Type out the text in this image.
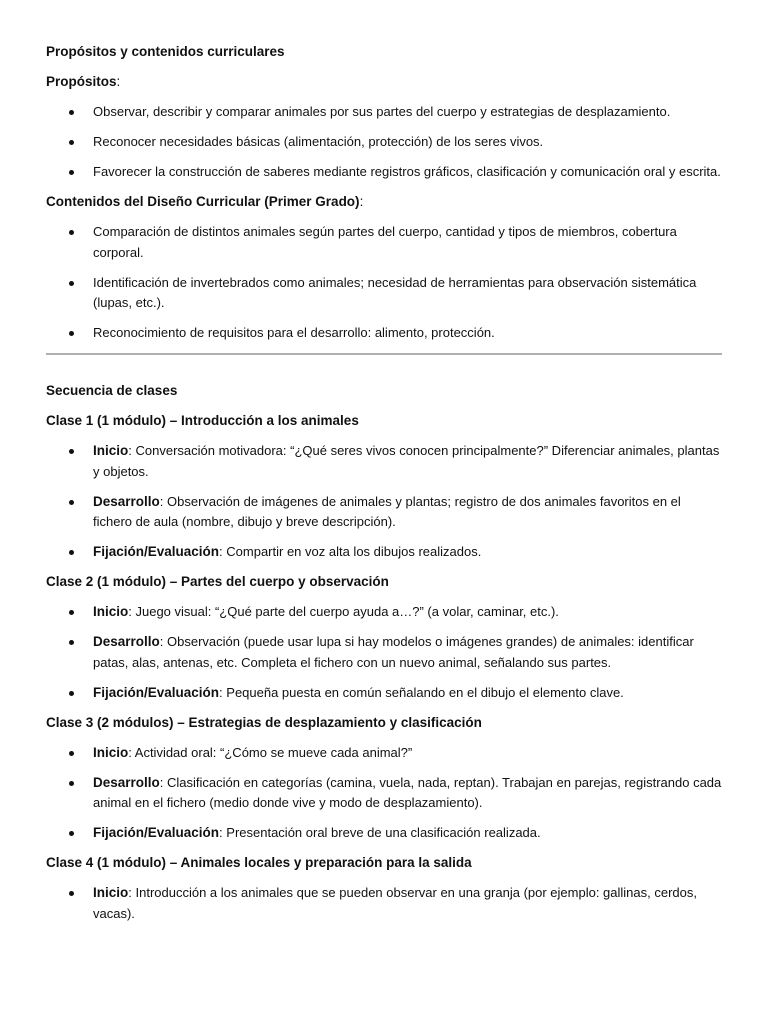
Propósitos y contenidos curriculares
Propósitos:
Observar, describir y comparar animales por sus partes del cuerpo y estrategias de desplazamiento.
Reconocer necesidades básicas (alimentación, protección) de los seres vivos.
Favorecer la construcción de saberes mediante registros gráficos, clasificación y comunicación oral y escrita.
Contenidos del Diseño Curricular (Primer Grado):
Comparación de distintos animales según partes del cuerpo, cantidad y tipos de miembros, cobertura corporal.
Identificación de invertebrados como animales; necesidad de herramientas para observación sistemática (lupas, etc.).
Reconocimiento de requisitos para el desarrollo: alimento, protección.
Secuencia de clases
Clase 1 (1 módulo) – Introducción a los animales
Inicio: Conversación motivadora: “¿Qué seres vivos conocen principalmente?” Diferenciar animales, plantas y objetos.
Desarrollo: Observación de imágenes de animales y plantas; registro de dos animales favoritos en el fichero de aula (nombre, dibujo y breve descripción).
Fijación/Evaluación: Compartir en voz alta los dibujos realizados.
Clase 2 (1 módulo) – Partes del cuerpo y observación
Inicio: Juego visual: “¿Qué parte del cuerpo ayuda a…?” (a volar, caminar, etc.).
Desarrollo: Observación (puede usar lupa si hay modelos o imágenes grandes) de animales: identificar patas, alas, antenas, etc. Completa el fichero con un nuevo animal, señalando sus partes.
Fijación/Evaluación: Pequeña puesta en común señalando en el dibujo el elemento clave.
Clase 3 (2 módulos) – Estrategias de desplazamiento y clasificación
Inicio: Actividad oral: “¿Cómo se mueve cada animal?”
Desarrollo: Clasificación en categorías (camina, vuela, nada, reptan). Trabajan en parejas, registrando cada animal en el fichero (medio donde vive y modo de desplazamiento).
Fijación/Evaluación: Presentación oral breve de una clasificación realizada.
Clase 4 (1 módulo) – Animales locales y preparación para la salida
Inicio: Introducción a los animales que se pueden observar en una granja (por ejemplo: gallinas, cerdos, vacas).
